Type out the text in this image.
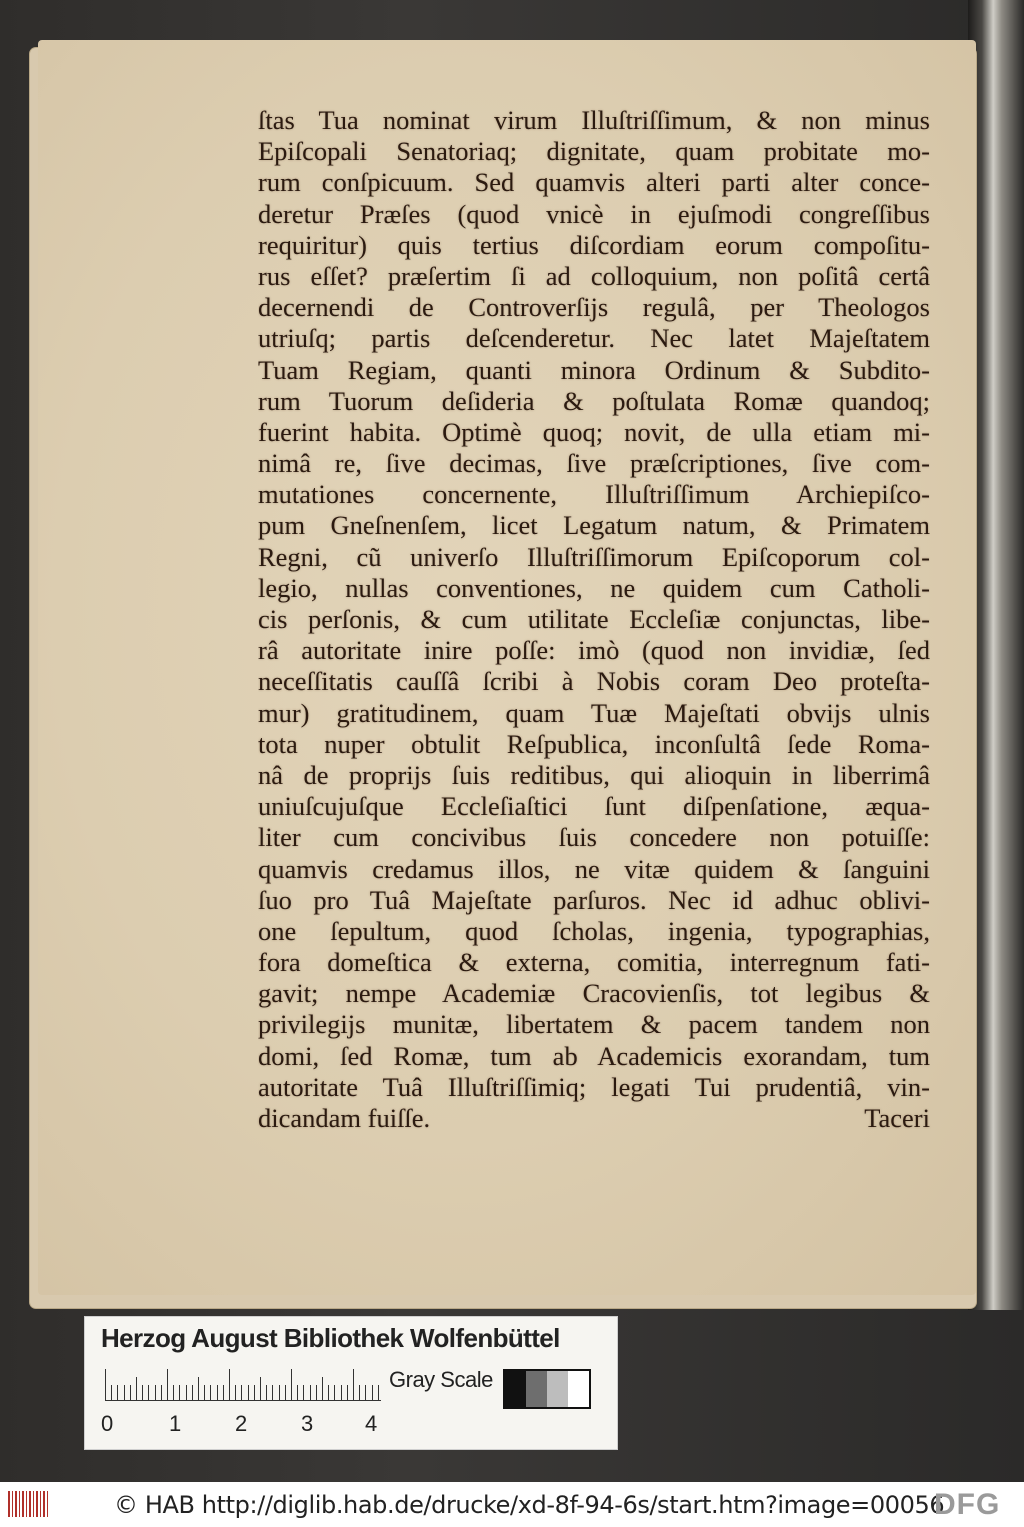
ſtas Tua nominat virum Illuſtriſſimum, & non minus
Epiſcopali Senatoriaq; dignitate, quam probitate mo-
rum conſpicuum. Sed quamvis alteri parti alter conce-
deretur Præſes (quod vnicè in ejuſmodi congreſſibus
requiritur) quis tertius diſcordiam eorum compoſitu-
rus eſſet? præſertim ſi ad colloquium, non poſitâ certâ
decernendi de Controverſijs regulâ, per Theologos
utriuſq; partis deſcenderetur. Nec latet Majeſtatem
Tuam Regiam, quanti minora Ordinum & Subdito-
rum Tuorum deſideria & poſtulata Romæ quandoq;
fuerint habita. Optimè quoq; novit, de ulla etiam mi-
nimâ re, ſive decimas, ſive præſcriptiones, ſive com-
mutationes concernente, Illuſtriſſimum Archiepiſco-
pum Gneſnenſem, licet Legatum natum, & Primatem
Regni, cũ univerſo Illuſtriſſimorum Epiſcoporum col-
legio, nullas conventiones, ne quidem cum Catholi-
cis perſonis, & cum utilitate Eccleſiæ conjunctas, libe-
râ autoritate inire poſſe: imò (quod non invidiæ, ſed
neceſſitatis cauſſâ ſcribi à Nobis coram Deo proteſta-
mur) gratitudinem, quam Tuæ Majeſtati obvijs ulnis
tota nuper obtulit Reſpublica, inconſultâ ſede Roma-
nâ de proprijs ſuis reditibus, qui alioquin in liberrimâ
uniuſcujuſque Eccleſiaſtici ſunt diſpenſatione, æqua-
liter cum concivibus ſuis concedere non potuiſſe:
quamvis credamus illos, ne vitæ quidem & ſanguini
ſuo pro Tuâ Majeſtate parſuros. Nec id adhuc oblivi-
one ſepultum, quod ſcholas, ingenia, typographias,
fora domeſtica & externa, comitia, interregnum fati-
gavit; nempe Academiæ Cracovienſis, tot legibus &
privilegijs munitæ, libertatem & pacem tandem non
domi, ſed Romæ, tum ab Academicis exorandam, tum
autoritate Tuâ Illuſtriſſimiq; legati Tui prudentiâ, vin-
dicandam fuiſſe.	Taceri
Herzog August Bibliothek Wolfenbüttel
0	1 2 3 4
Gray Scale
© HAB http://diglib.hab.de/drucke/xd-8f-94-6s/start.htm?image=00056
DFG
